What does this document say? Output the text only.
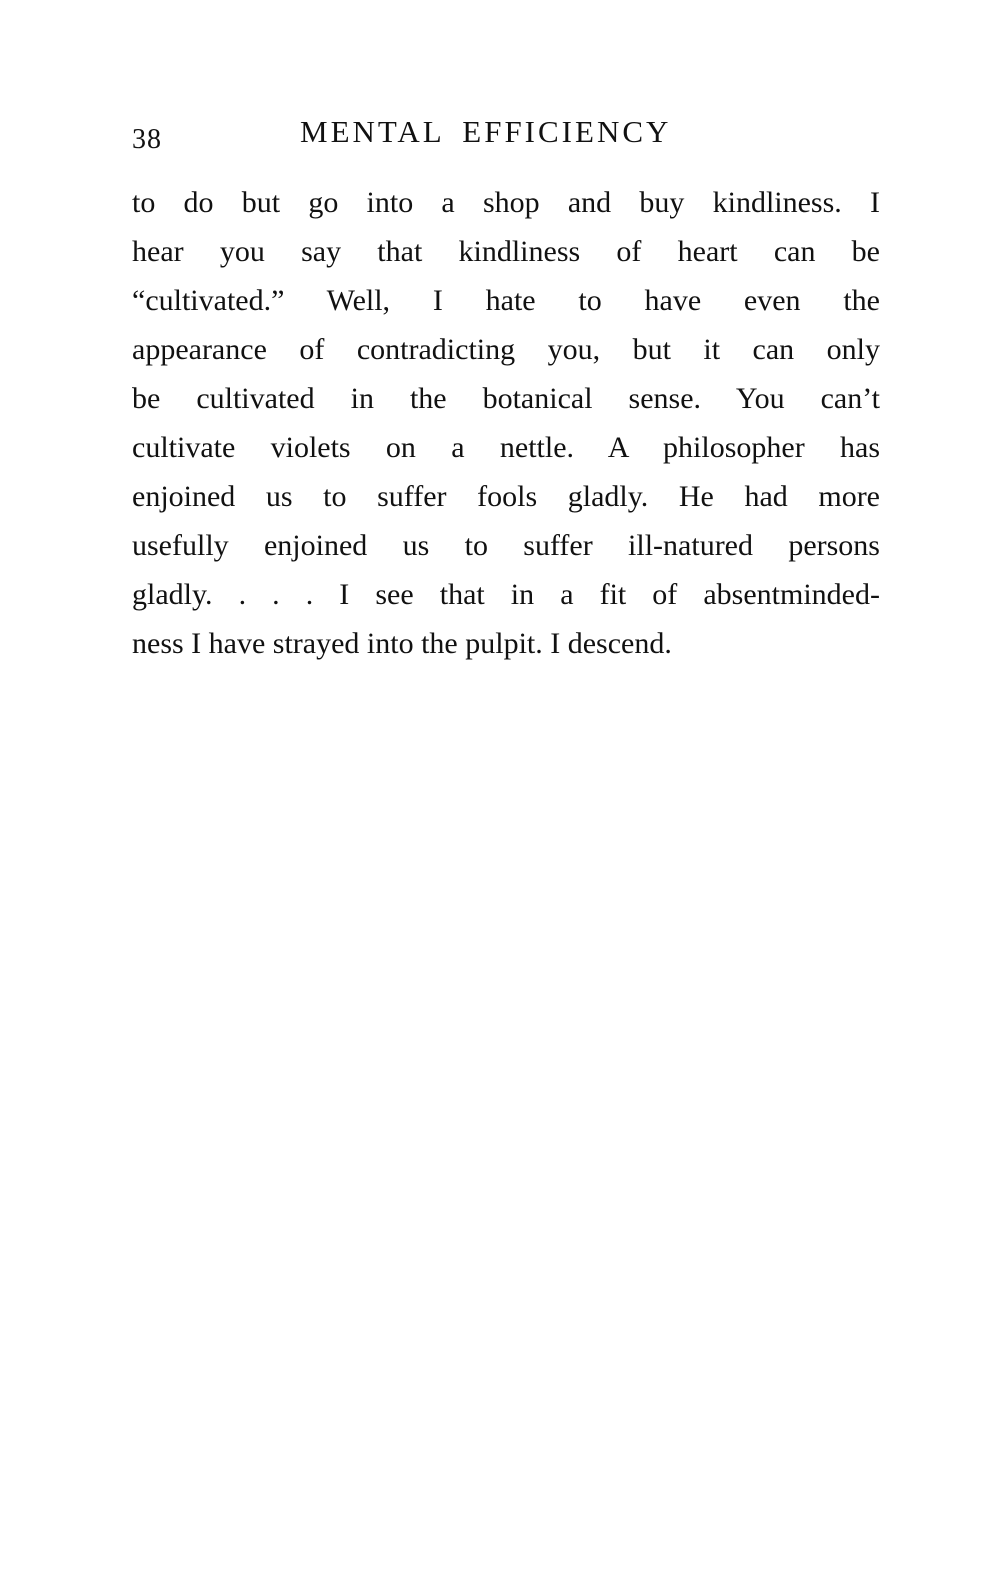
38	MENTAL EFFICIENCY
to do but go into a shop and buy kindliness. I
hear you say that kindliness of heart can be
“cultivated.” Well, I hate to have even the
appearance of contradicting you, but it can only
be cultivated in the botanical sense. You can’t
cultivate violets on a nettle. A philosopher has
enjoined us to suffer fools gladly. He had more
usefully enjoined us to suffer ill-natured persons
gladly. . . . I see that in a fit of absentminded-
ness I have strayed into the pulpit. I descend.
